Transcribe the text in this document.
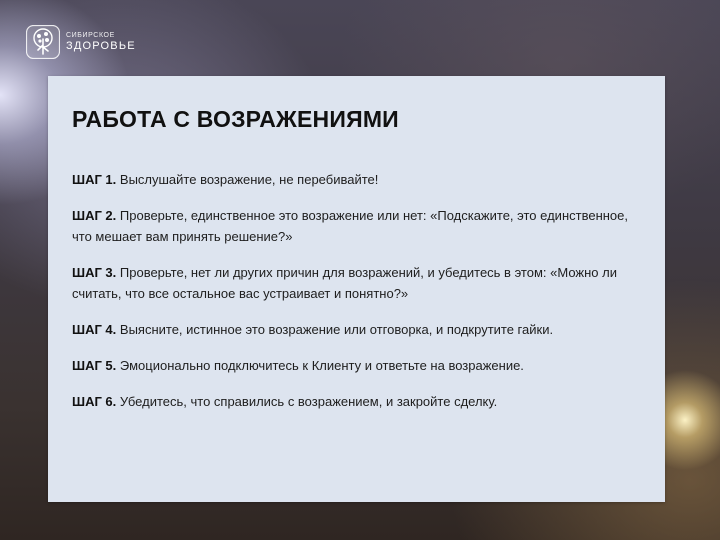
СИБИРСКОЕ
ЗДОРОВЬЕ
РАБОТА С ВОЗРАЖЕНИЯМИ
ШАГ 1. Выслушайте возражение, не перебивайте!
ШАГ 2. Проверьте, единственное это возражение или нет: «Подскажите, это единственное, что мешает вам принять решение?»
ШАГ 3. Проверьте, нет ли других причин для возражений, и убедитесь в этом: «Можно ли считать, что все остальное вас устраивает и понятно?»
ШАГ 4. Выясните, истинное это возражение или отговорка, и подкрутите гайки.
ШАГ 5. Эмоционально подключитесь к Клиенту и ответьте на возражение.
ШАГ 6. Убедитесь, что справились с возражением, и закройте сделку.
